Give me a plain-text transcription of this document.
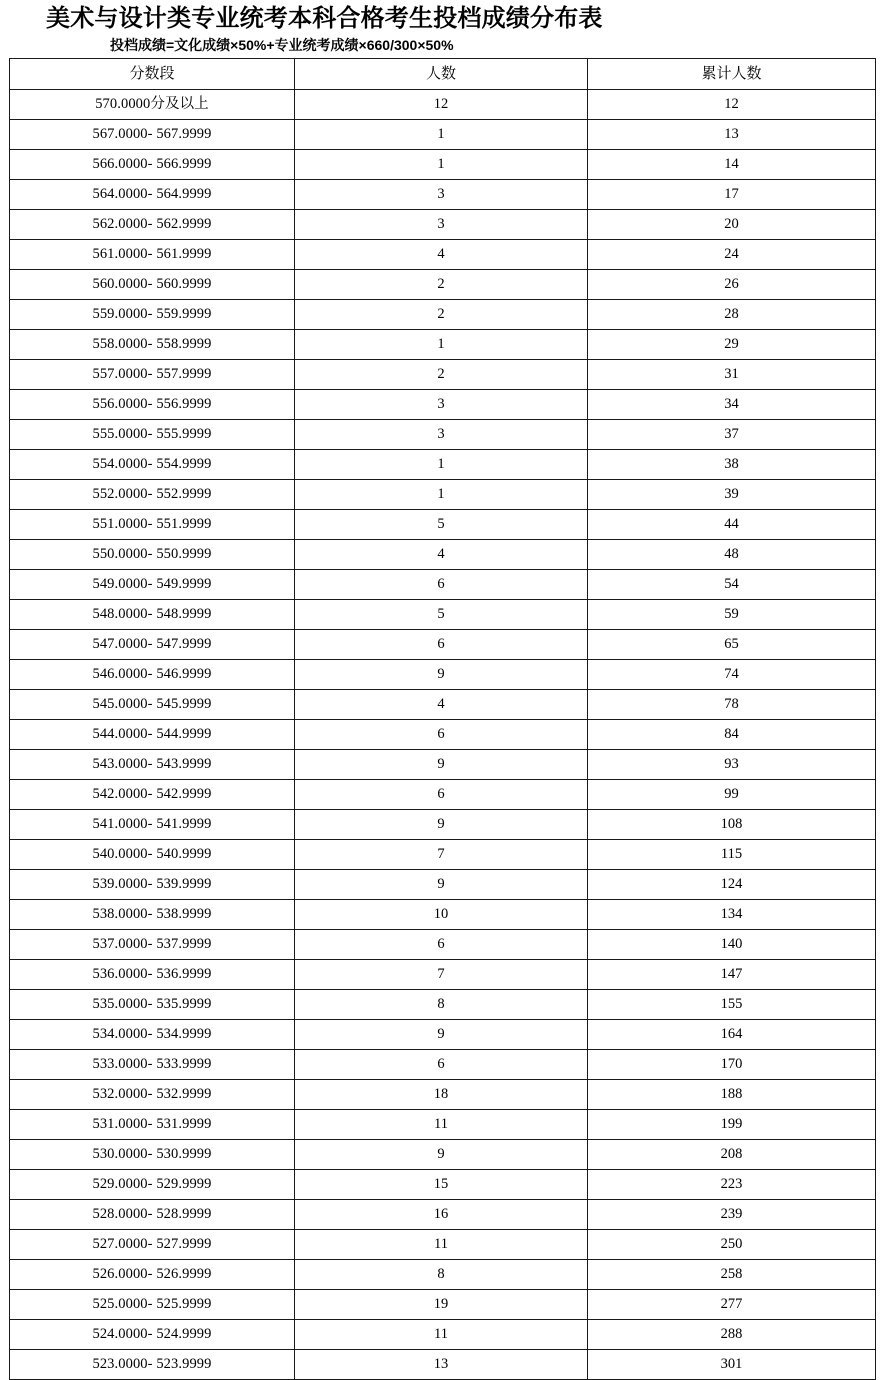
美术与设计类专业统考本科合格考生投档成绩分布表
投档成绩=文化成绩×50%+专业统考成绩×660/300×50%
分数段	人数	累计人数
570.0000分及以上	12	12
567.0000- 567.9999	1	13
566.0000- 566.9999	1	14
564.0000- 564.9999	3	17
562.0000- 562.9999	3	20
561.0000- 561.9999	4	24
560.0000- 560.9999	2	26
559.0000- 559.9999	2	28
558.0000- 558.9999	1	29
557.0000- 557.9999	2	31
556.0000- 556.9999	3	34
555.0000- 555.9999	3	37
554.0000- 554.9999	1	38
552.0000- 552.9999	1	39
551.0000- 551.9999	5	44
550.0000- 550.9999	4	48
549.0000- 549.9999	6	54
548.0000- 548.9999	5	59
547.0000- 547.9999	6	65
546.0000- 546.9999	9	74
545.0000- 545.9999	4	78
544.0000- 544.9999	6	84
543.0000- 543.9999	9	93
542.0000- 542.9999	6	99
541.0000- 541.9999	9	108
540.0000- 540.9999	7	115
539.0000- 539.9999	9	124
538.0000- 538.9999	10	134
537.0000- 537.9999	6	140
536.0000- 536.9999	7	147
535.0000- 535.9999	8	155
534.0000- 534.9999	9	164
533.0000- 533.9999	6	170
532.0000- 532.9999	18	188
531.0000- 531.9999	11	199
530.0000- 530.9999	9	208
529.0000- 529.9999	15	223
528.0000- 528.9999	16	239
527.0000- 527.9999	11	250
526.0000- 526.9999	8	258
525.0000- 525.9999	19	277
524.0000- 524.9999	11	288
523.0000- 523.9999	13	301
